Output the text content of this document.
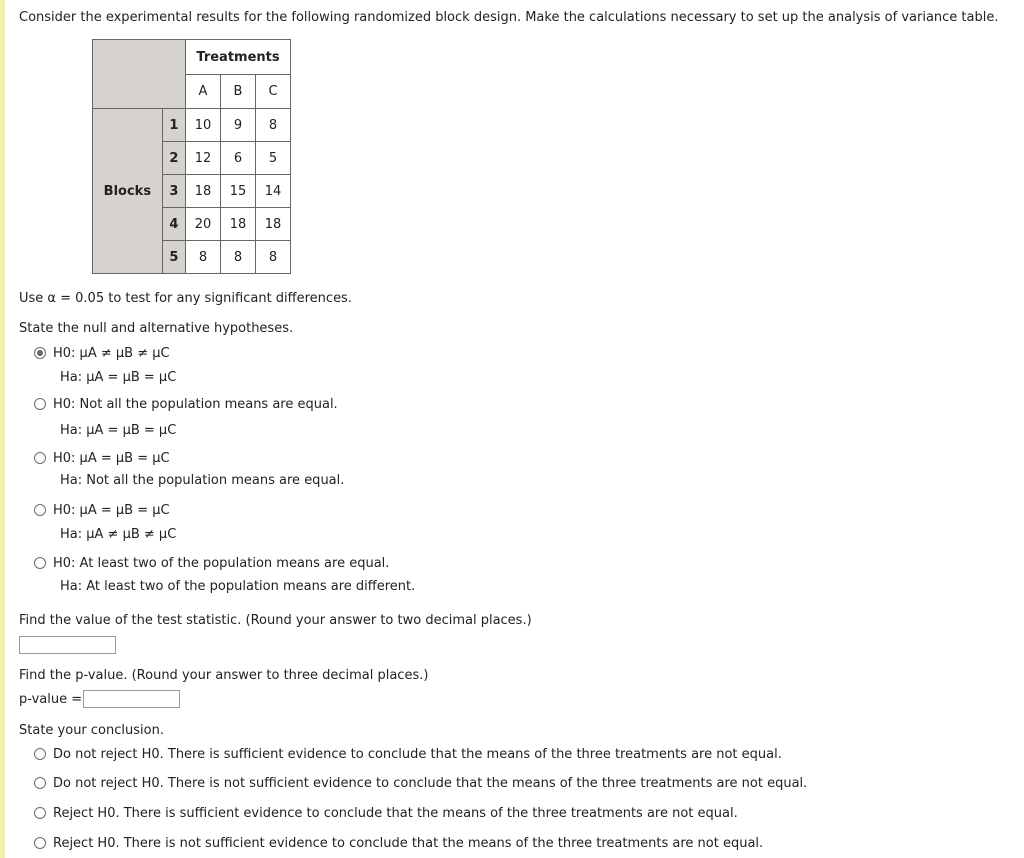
Consider the experimental results for the following randomized block design. Make the calculations necessary to set up the analysis of variance table.
		Treatments		
		A	B	C
Blocks	1	10	9	8
	2	12	6	5
	3	18	15	14
	4	20	18	18
	5	8	8	8
Use α = 0.05 to test for any significant differences.
State the null and alternative hypotheses.
H0: μA ≠ μB ≠ μC
Ha: μA = μB = μC
H0: Not all the population means are equal.
Ha: μA = μB = μC
H0: μA = μB = μC
Ha: Not all the population means are equal.
H0: μA = μB = μC
Ha: μA ≠ μB ≠ μC
H0: At least two of the population means are equal.
Ha: At least two of the population means are different.
Find the value of the test statistic. (Round your answer to two decimal places.)
Find the p-value. (Round your answer to three decimal places.)
p-value =
State your conclusion.
Do not reject H0. There is sufficient evidence to conclude that the means of the three treatments are not equal.
Do not reject H0. There is not sufficient evidence to conclude that the means of the three treatments are not equal.
Reject H0. There is sufficient evidence to conclude that the means of the three treatments are not equal.
Reject H0. There is not sufficient evidence to conclude that the means of the three treatments are not equal.
